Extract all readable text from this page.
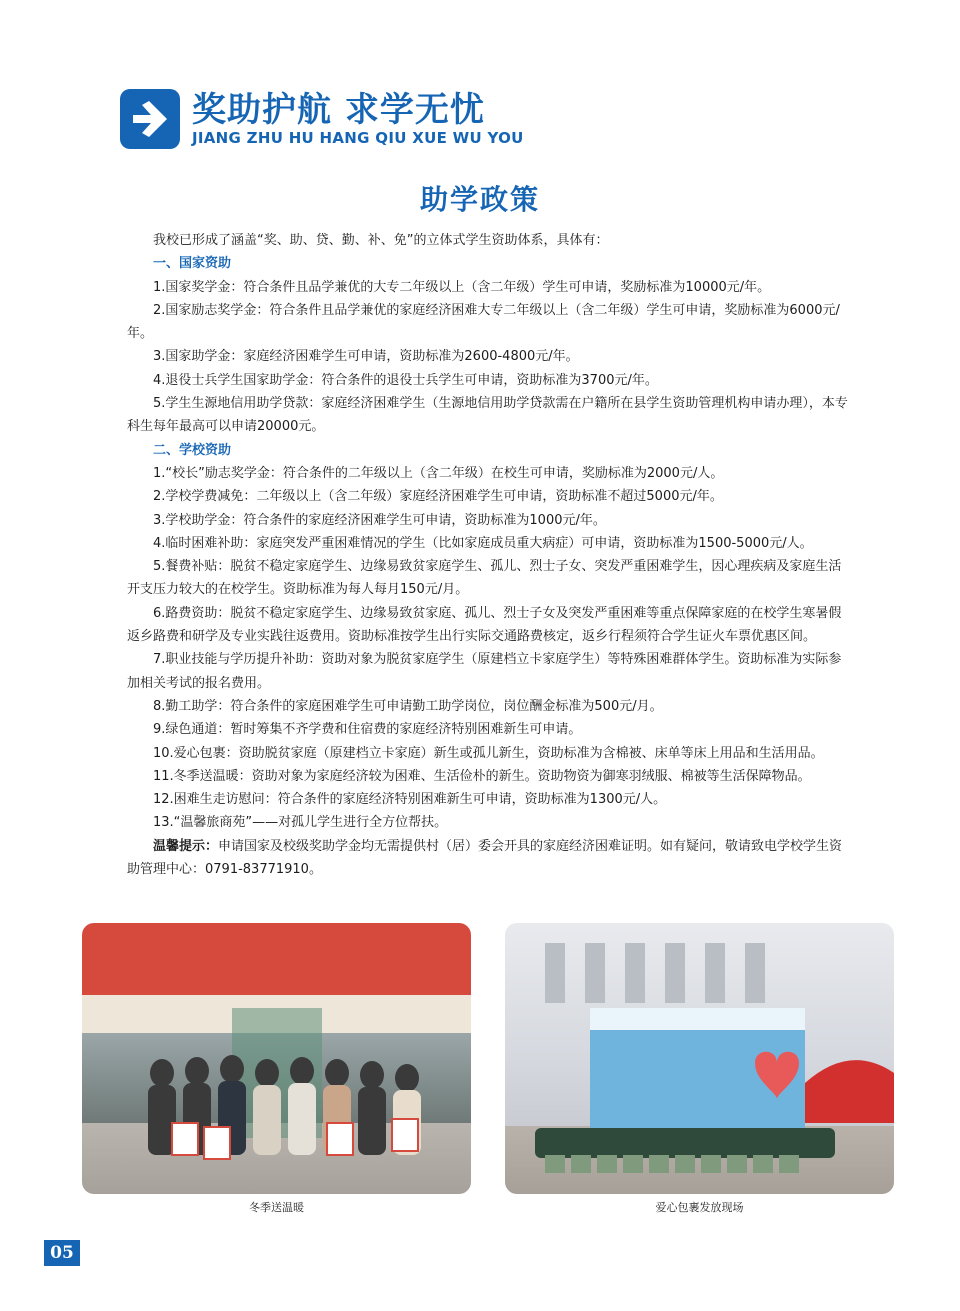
奖助护航 求学无忧
JIANG ZHU HU HANG QIU XUE WU YOU
助学政策

我校已形成了涵盖“奖、助、贷、勤、补、免”的立体式学生资助体系，具体有：

一、国家资助

1.国家奖学金：符合条件且品学兼优的大专二年级以上（含二年级）学生可申请，奖励标准为10000元/年。

2.国家励志奖学金：符合条件且品学兼优的家庭经济困难大专二年级以上（含二年级）学生可申请，奖励标准为6000元/年。

3.国家助学金：家庭经济困难学生可申请，资助标准为2600-4800元/年。

4.退役士兵学生国家助学金：符合条件的退役士兵学生可申请，资助标准为3700元/年。

5.学生生源地信用助学贷款：家庭经济困难学生（生源地信用助学贷款需在户籍所在县学生资助管理机构申请办理），本专科生每年最高可以申请20000元。

二、学校资助

1.“校长”励志奖学金：符合条件的二年级以上（含二年级）在校生可申请，奖励标准为2000元/人。

2.学校学费减免：二年级以上（含二年级）家庭经济困难学生可申请，资助标准不超过5000元/年。

3.学校助学金：符合条件的家庭经济困难学生可申请，资助标准为1000元/年。

4.临时困难补助：家庭突发严重困难情况的学生（比如家庭成员重大病症）可申请，资助标准为1500-5000元/人。

5.餐费补贴：脱贫不稳定家庭学生、边缘易致贫家庭学生、孤儿、烈士子女、突发严重困难学生，因心理疾病及家庭生活开支压力较大的在校学生。资助标准为每人每月150元/月。

6.路费资助：脱贫不稳定家庭学生、边缘易致贫家庭、孤儿、烈士子女及突发严重困难等重点保障家庭的在校学生寒暑假返乡路费和研学及专业实践往返费用。资助标准按学生出行实际交通路费核定，返乡行程须符合学生证火车票优惠区间。

7.职业技能与学历提升补助：资助对象为脱贫家庭学生（原建档立卡家庭学生）等特殊困难群体学生。资助标准为实际参加相关考试的报名费用。

8.勤工助学：符合条件的家庭困难学生可申请勤工助学岗位，岗位酬金标准为500元/月。

9.绿色通道：暂时筹集不齐学费和住宿费的家庭经济特别困难新生可申请。

10.爱心包裹：资助脱贫家庭（原建档立卡家庭）新生或孤儿新生，资助标准为含棉被、床单等床上用品和生活用品。

11.冬季送温暖：资助对象为家庭经济较为困难、生活俭朴的新生。资助物资为御寒羽绒服、棉被等生活保障物品。

12.困难生走访慰问：符合条件的家庭经济特别困难新生可申请，资助标准为1300元/人。

13.“温馨旅商苑”——对孤儿学生进行全方位帮扶。

温馨提示：申请国家及校级奖助学金均无需提供村（居）委会开具的家庭经济困难证明。如有疑问，敬请致电学校学生资助管理中心：0791-83771910。

冬季送温暖	爱心包裹发放现场
05
